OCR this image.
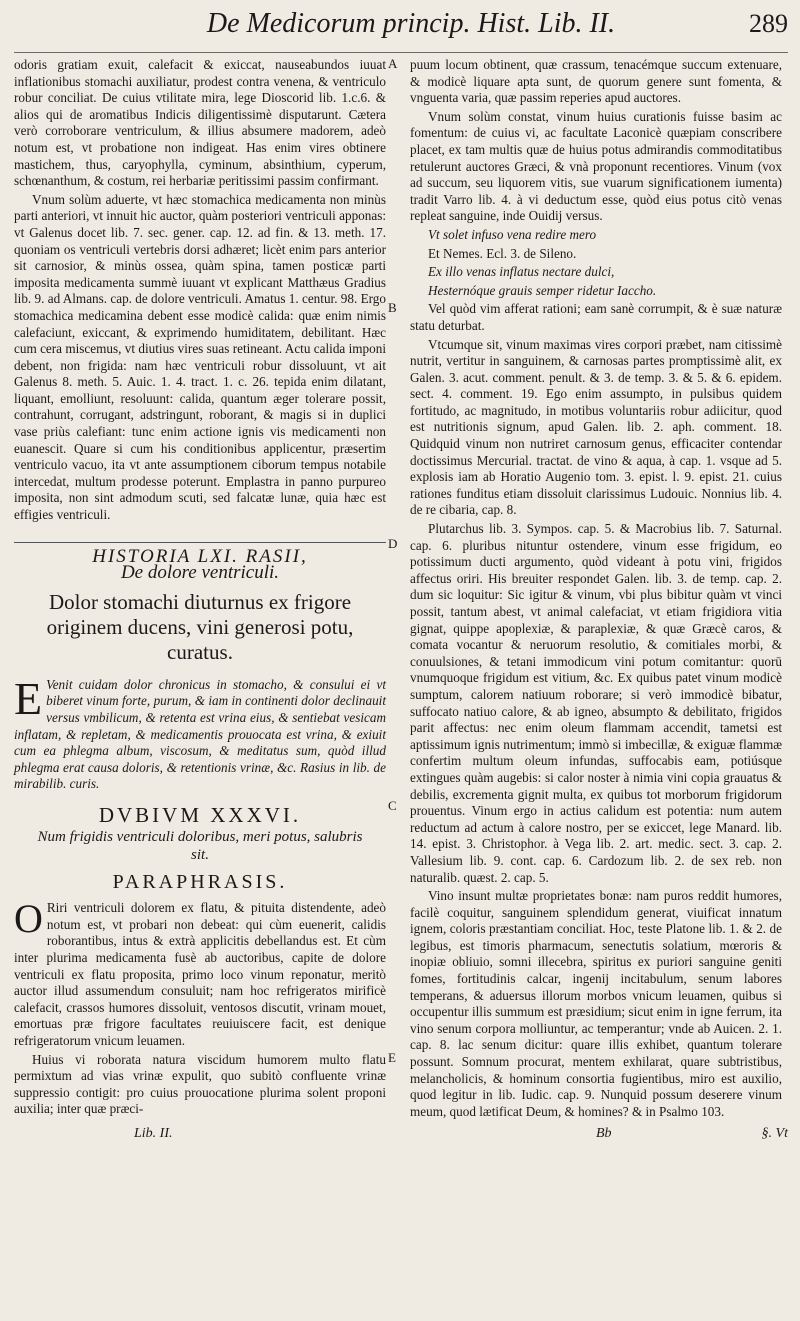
De Medicorum princip. Hist. Lib. II.	289
A
B
D
C
E

odoris gratiam exuit, calefacit & exiccat, nauseabundos iuuat inflationibus stomachi auxiliatur, prodest contra venena, & ventriculo robur conciliat. De cuius vtilitate mira, lege Dioscorid lib. 1.c.6. & alios qui de aromatibus Indicis diligentissimè disputarunt. Cætera verò corroborare ventriculum, & illius absumere madorem, adeò notum est, vt probatione non indigeat. Has enim vires obtinere mastichem, thus, caryophylla, cyminum, absinthium, cyperum, schœnanthum, & costum, rei herbariæ peritissimi passim confirmant.

Vnum solùm aduerte, vt hæc stomachica medicamenta non minùs parti anteriori, vt innuit hic auctor, quàm posteriori ventriculi apponas: vt Galenus docet lib. 7. sec. gener. cap. 12. ad fin. & 13. meth. 17. quoniam os ventriculi vertebris dorsi adhæret; licèt enim pars anterior sit carnosior, & minùs ossea, quàm spina, tamen posticæ parti imposita medicamenta summè iuuant vt explicant Matthæus Gradius lib. 9. ad Almans. cap. de dolore ventriculi. Amatus 1. centur. 98. Ergo stomachica medicamina debent esse modicè calida: quæ enim nimis calefaciunt, exiccant, & exprimendo humiditatem, debilitant. Hæc cum cera miscemus, vt diutius vires suas retineant. Actu calida imponi debent, non frigida: nam hæc ventriculi robur dissoluunt, vt ait Galenus 8. meth. 5. Auic. 1. 4. tract. 1. c. 26. tepida enim dilatant, liquant, emolliunt, resoluunt: calida, quantum æger tolerare possit, contrahunt, corrugant, adstringunt, roborant, & magis si in duplici vase priùs calefiant: tunc enim actione ignis vis medicamenti non euanescit. Quare si cum his conditionibus applicentur, præsertim ventriculo vacuo, ita vt ante assumptionem ciborum tempus notabile intercedat, multum prodesse poterunt. Emplastra in panno purpureo imposita, non sint admodum scuti, sed falcatæ lunæ, quia hæc est effigies ventriculi.

HISTORIA LXI. RASII,
De dolore ventriculi.
Dolor stomachi diuturnus ex frigore originem ducens, vini generosi potu, curatus.
E Venit cuidam dolor chronicus in stomacho, & consului ei vt biberet vinum forte, purum, & iam in continenti dolor declinauit versus vmbilicum, & retenta est vrina eius, & sentiebat vesicam inflatam, & repletam, & medicamentis prouocata est vrina, & exiuit cum ea phlegma album, viscosum, & meditatus sum, quòd illud phlegma erat causa doloris, & retentionis vrinæ, &c. Rasius in lib. de mirabilib. curis.
DVBIVM XXXVI.
Num frigidis ventriculi doloribus, meri potus, salubris sit.
PARAPHRASIS.

O Riri ventriculi dolorem ex flatu, & pituita distendente, adeò notum est, vt probari non debeat: qui cùm euenerit, calidis roborantibus, intus & extrà applicitis debellandus est. Et cùm inter plurima medicamenta fusè ab auctoribus, capite de dolore ventriculi ex flatu proposita, primo loco vinum reponatur, meritò auctor illud assumendum consuluit; nam hoc refrigeratos mirificè calefacit, crassos humores dissoluit, ventosos discutit, vrinam mouet, emortuas præ frigore facultates reuiuiscere facit, est denique refrigeratorum vnicum leuamen.

Huius vi roborata natura viscidum humorem multo flatu permixtum ad vias vrinæ expulit, quo subitò confluente vrinæ suppressio contigit: pro cuius prouocatione plurima solent proponi auxilia; inter quæ præci-

puum locum obtinent, quæ crassum, tenacémque succum extenuare, & modicè liquare apta sunt, de quorum genere sunt fomenta, & vnguenta varia, quæ passim reperies apud auctores.

Vnum solùm constat, vinum huius curationis fuisse basim ac fomentum: de cuius vi, ac facultate Laconicè quæpiam conscribere placet, ex tam multis quæ de huius potus admirandis commoditatibus retulerunt auctores Græci, & vnà proponunt recentiores. Vinum (vox ad succum, seu liquorem vitis, sue vuarum significationem iumenta) tradit Varro lib. 4. à vi deductum esse, quòd eius potus citò venas repleat sanguine, inde Ouidij versus.

Vt solet infuso vena redire mero

Et Nemes. Ecl. 3. de Sileno.

Ex illo venas inflatus nectare dulci,

Hesternóque grauis semper ridetur Iaccho.

Vel quòd vim afferat rationi; eam sanè corrumpit, & è suæ naturæ statu deturbat.

Vtcumque sit, vinum maximas vires corpori præbet, nam citissimè nutrit, vertitur in sanguinem, & carnosas partes promptissimè alit, ex Galen. 3. acut. comment. penult. & 3. de temp. 3. & 5. & 6. epidem. sect. 4. comment. 19. Ego enim assumpto, in pulsibus quidem fortitudo, ac magnitudo, in motibus voluntariis robur adiicitur, quod est nutritionis signum, apud Galen. lib. 2. aph. comment. 18. Quidquid vinum non nutriret carnosum genus, efficaciter contendar doctissimus Mercurial. tractat. de vino & aqua, à cap. 1. vsque ad 5. explosis iam ab Horatio Augenio tom. 3. epist. l. 9. epist. 21. cuius rationes funditus etiam dissoluit clarissimus Ludouic. Nonnius lib. 4. de re cibaria, cap. 8.

Plutarchus lib. 3. Sympos. cap. 5. & Macrobius lib. 7. Saturnal. cap. 6. pluribus nituntur ostendere, vinum esse frigidum, eo potissimum ducti argumento, quòd videant à potu vini, frigidos affectus oriri. His breuiter respondet Galen. lib. 3. de temp. cap. 2. dum sic loquitur: Sic igitur & vinum, vbi plus bibitur quàm vt vinci possit, tantum abest, vt animal calefaciat, vt etiam frigidiora vitia gignat, quippe apoplexiæ, & paraplexiæ, & quæ Græcè caros, & comata vocantur & neruorum resolutio, & comitiales morbi, & conuulsiones, & tetani immodicum vini potum comitantur: quorū vnumquoque frigidum est vitium, &c. Ex quibus patet vinum modicè sumptum, calorem natiuum roborare; si verò immodicè bibatur, suffocato natiuo calore, & ab igneo, absumpto & debilitato, frigidos parit affectus: nec enim oleum flammam accendit, tametsi est aptissimum ignis nutrimentum; immò si imbecillæ, & exiguæ flammæ confertim multum oleum infundas, suffocabis eam, potiúsque extingues quàm augebis: si calor noster à nimia vini copia grauatus & debilis, excrementa gignit multa, ex quibus tot morborum frigidorum prouentus. Vinum ergo in actius calidum est potentia: num autem reductum ad actum à calore nostro, per se exiccet, lege Manard. lib. 14. epist. 3. Christophor. à Vega lib. 2. art. medic. sect. 3. cap. 2. Vallesium lib. 9. cont. cap. 6. Cardozum lib. 2. de sex reb. non naturalib. quæst. 2. cap. 5.

Vino insunt multæ proprietates bonæ: nam puros reddit humores, facilè coquitur, sanguinem splendidum generat, viuificat innatum ignem, coloris præstantiam conciliat. Hoc, teste Platone lib. 1. & 2. de legibus, est timoris pharmacum, senectutis solatium, mœroris & inopiæ obliuio, somni illecebra, spiritus ex puriori sanguine geniti fomes, fortitudinis calcar, ingenij incitabulum, senum labores temperans, & aduersus illorum morbos vnicum leuamen, quibus si occupentur illis summum est præsidium; sicut enim in igne ferrum, ita vino senum corpora molliuntur, ac temperantur; vnde ab Auicen. 2. 1. cap. 8. lac senum dicitur: quare illis exhibet, quantum tolerare possunt. Somnum procurat, mentem exhilarat, quare subtristibus, melancholicis, & hominum consortia fugientibus, miro est auxilio, quod legitur in lib. Iudic. cap. 9. Nunquid possum deserere vinum meum, quod lætificat Deum, & homines? & in Psalmo 103.

Lib. II.	Bb	§. Vt
